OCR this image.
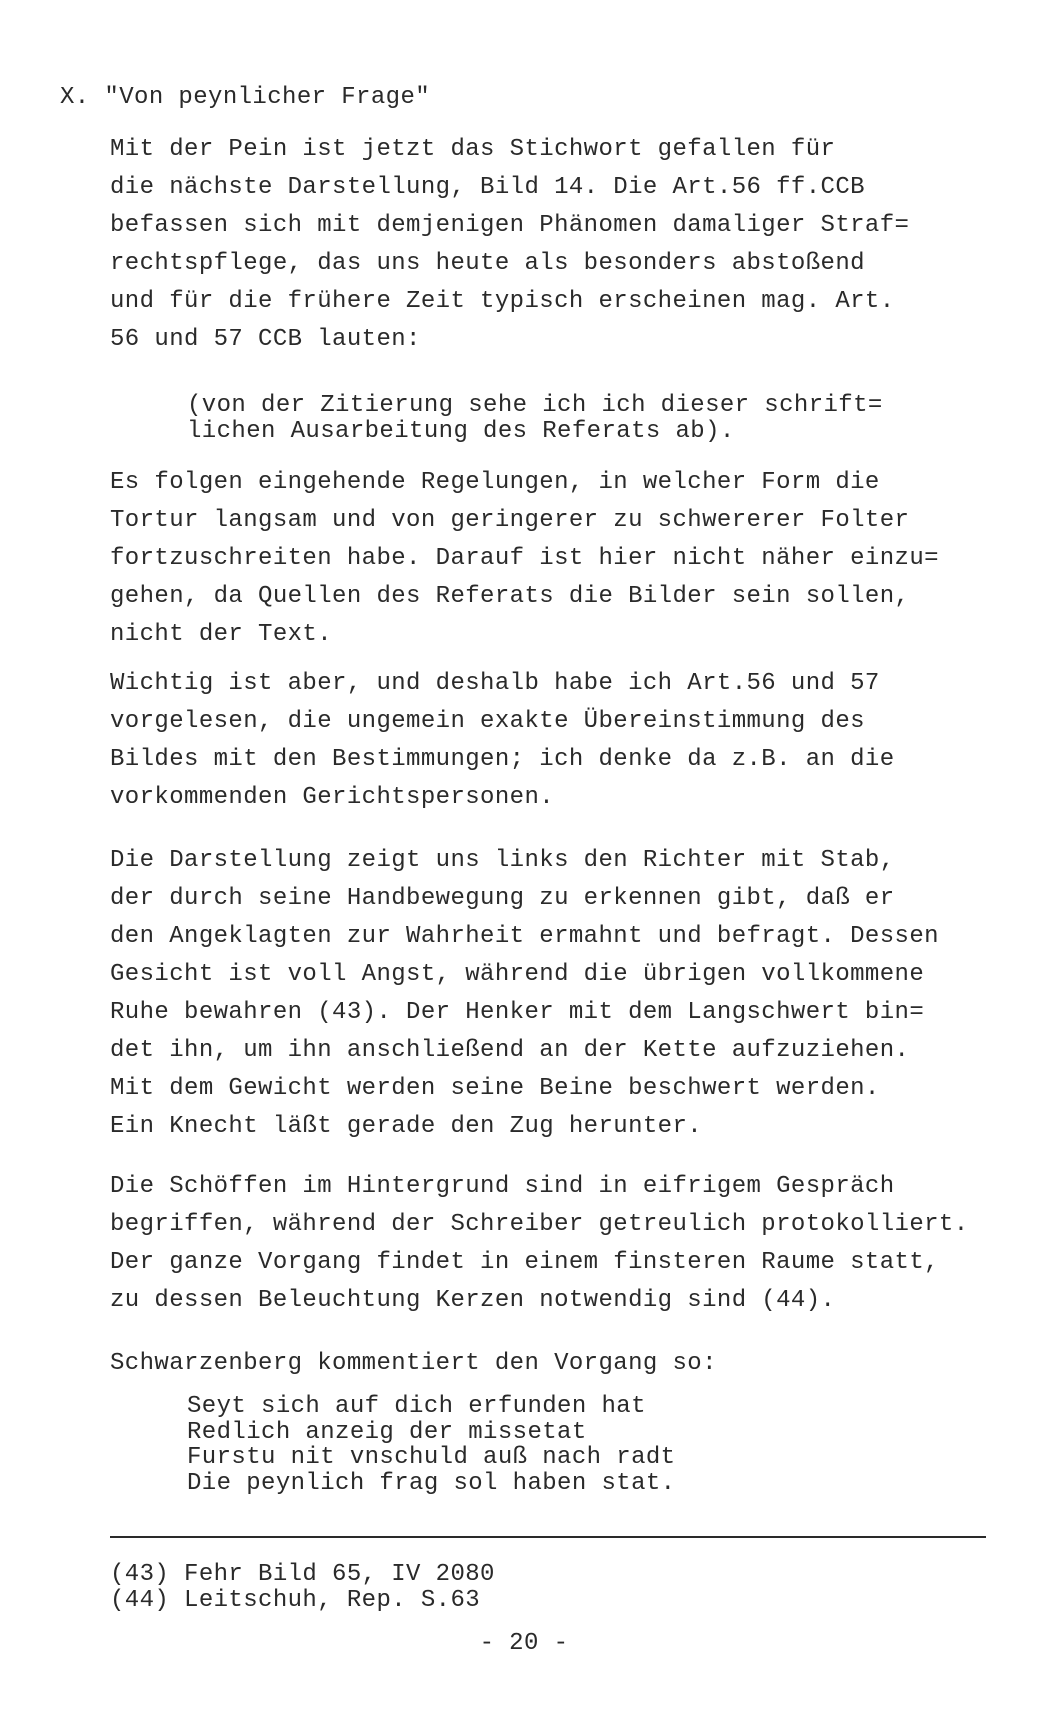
X. "Von peynlicher Frage"
Mit der Pein ist jetzt das Stichwort gefallen für
die nächste Darstellung, Bild 14. Die Art.56 ff.CCB
befassen sich mit demjenigen Phänomen damaliger Straf=
rechtspflege, das uns heute als besonders abstoßend
und für die frühere Zeit typisch erscheinen mag. Art.
56 und 57 CCB lauten:
(von der Zitierung sehe ich ich dieser schrift=
lichen Ausarbeitung des Referats ab).
Es folgen eingehende Regelungen, in welcher Form die
Tortur langsam und von geringerer zu schwererer Folter
fortzuschreiten habe. Darauf ist hier nicht näher einzu=
gehen, da Quellen des Referats die Bilder sein sollen,
nicht der Text.
Wichtig ist aber, und deshalb habe ich Art.56 und 57
vorgelesen, die ungemein exakte Übereinstimmung des
Bildes mit den Bestimmungen; ich denke da z.B. an die
vorkommenden Gerichtspersonen.
Die Darstellung zeigt uns links den Richter mit Stab,
der durch seine Handbewegung zu erkennen gibt, daß er
den Angeklagten zur Wahrheit ermahnt und befragt. Dessen
Gesicht ist voll Angst, während die übrigen vollkommene
Ruhe bewahren (43). Der Henker mit dem Langschwert bin=
det ihn, um ihn anschließend an der Kette aufzuziehen.
Mit dem Gewicht werden seine Beine beschwert werden.
Ein Knecht läßt gerade den Zug herunter.
Die Schöffen im Hintergrund sind in eifrigem Gespräch
begriffen, während der Schreiber getreulich protokolliert.
Der ganze Vorgang findet in einem finsteren Raume statt,
zu dessen Beleuchtung Kerzen notwendig sind (44).
Schwarzenberg kommentiert den Vorgang so:
Seyt sich auf dich erfunden hat
Redlich anzeig der missetat
Furstu nit vnschuld auß nach radt
Die peynlich frag sol haben stat.
(43) Fehr Bild 65, IV 2080
(44) Leitschuh, Rep. S.63
- 20 -
